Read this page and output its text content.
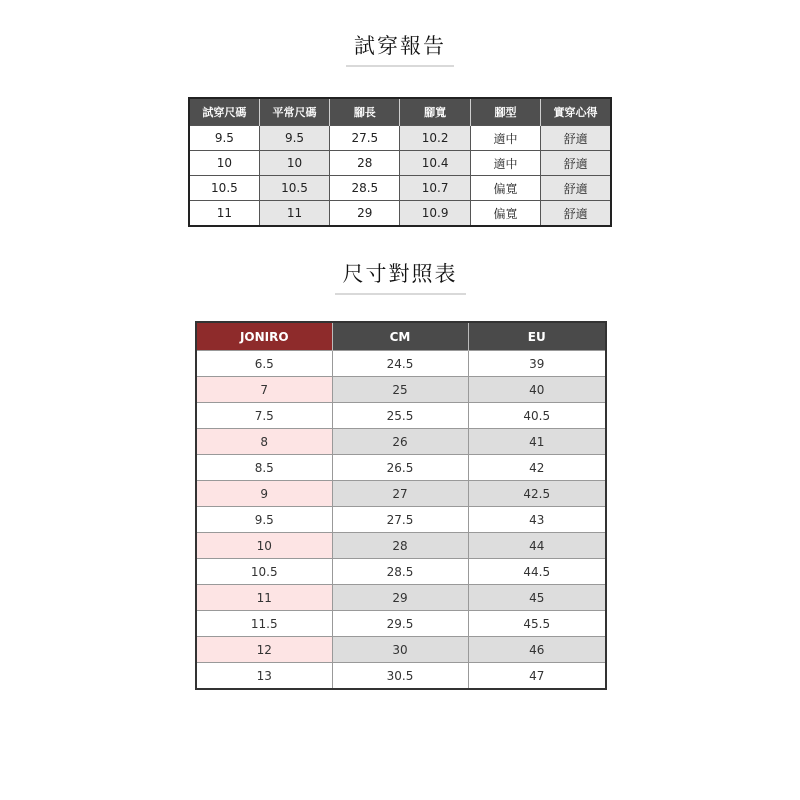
試穿報告
試穿尺碼	平常尺碼	腳長	腳寬	腳型	實穿心得
9.5	9.5	27.5	10.2	適中	舒適
10	10	28	10.4	適中	舒適
10.5	10.5	28.5	10.7	偏寬	舒適
11	11	29	10.9	偏寬	舒適
尺寸對照表
JONIRO	CM	EU
6.5	24.5	39
7	25	40
7.5	25.5	40.5
8	26	41
8.5	26.5	42
9	27	42.5
9.5	27.5	43
10	28	44
10.5	28.5	44.5
11	29	45
11.5	29.5	45.5
12	30	46
13	30.5	47
